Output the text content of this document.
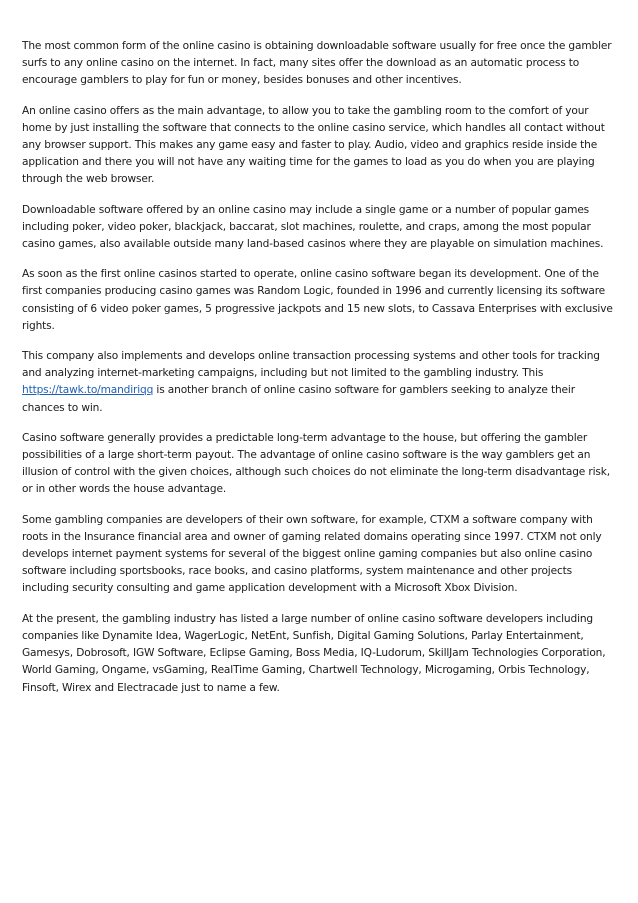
The most common form of the online casino is obtaining downloadable software usually for free once the gambler surfs to any online casino on the internet. In fact, many sites offer the download as an automatic process to encourage gamblers to play for fun or money, besides bonuses and other incentives.

An online casino offers as the main advantage, to allow you to take the gambling room to the comfort of your home by just installing the software that connects to the online casino service, which handles all contact without any browser support. This makes any game easy and faster to play. Audio, video and graphics reside inside the application and there you will not have any waiting time for the games to load as you do when you are playing through the web browser.

Downloadable software offered by an online casino may include a single game or a number of popular games including poker, video poker, blackjack, baccarat, slot machines, roulette, and craps, among the most popular casino games, also available outside many land-based casinos where they are playable on simulation machines.

As soon as the first online casinos started to operate, online casino software began its development. One of the first companies producing casino games was Random Logic, founded in 1996 and currently licensing its software consisting of 6 video poker games, 5 progressive jackpots and 15 new slots, to Cassava Enterprises with exclusive rights.

This company also implements and develops online transaction processing systems and other tools for tracking and analyzing internet-marketing campaigns, including but not limited to the gambling industry. This https://tawk.to/mandiriqq is another branch of online casino software for gamblers seeking to analyze their chances to win.

Casino software generally provides a predictable long-term advantage to the house, but offering the gambler possibilities of a large short-term payout. The advantage of online casino software is the way gamblers get an illusion of control with the given choices, although such choices do not eliminate the long-term disadvantage risk, or in other words the house advantage.

Some gambling companies are developers of their own software, for example, CTXM a software company with roots in the Insurance financial area and owner of gaming related domains operating since 1997. CTXM not only develops internet payment systems for several of the biggest online gaming companies but also online casino software including sportsbooks, race books, and casino platforms, system maintenance and other projects including security consulting and game application development with a Microsoft Xbox Division.

At the present, the gambling industry has listed a large number of online casino software developers including companies like Dynamite Idea, WagerLogic, NetEnt, Sunfish, Digital Gaming Solutions, Parlay Entertainment, Gamesys, Dobrosoft, IGW Software, Eclipse Gaming, Boss Media, IQ-Ludorum, SkillJam Technologies Corporation, World Gaming, Ongame, vsGaming, RealTime Gaming, Chartwell Technology, Microgaming, Orbis Technology, Finsoft, Wirex and Electracade just to name a few.
